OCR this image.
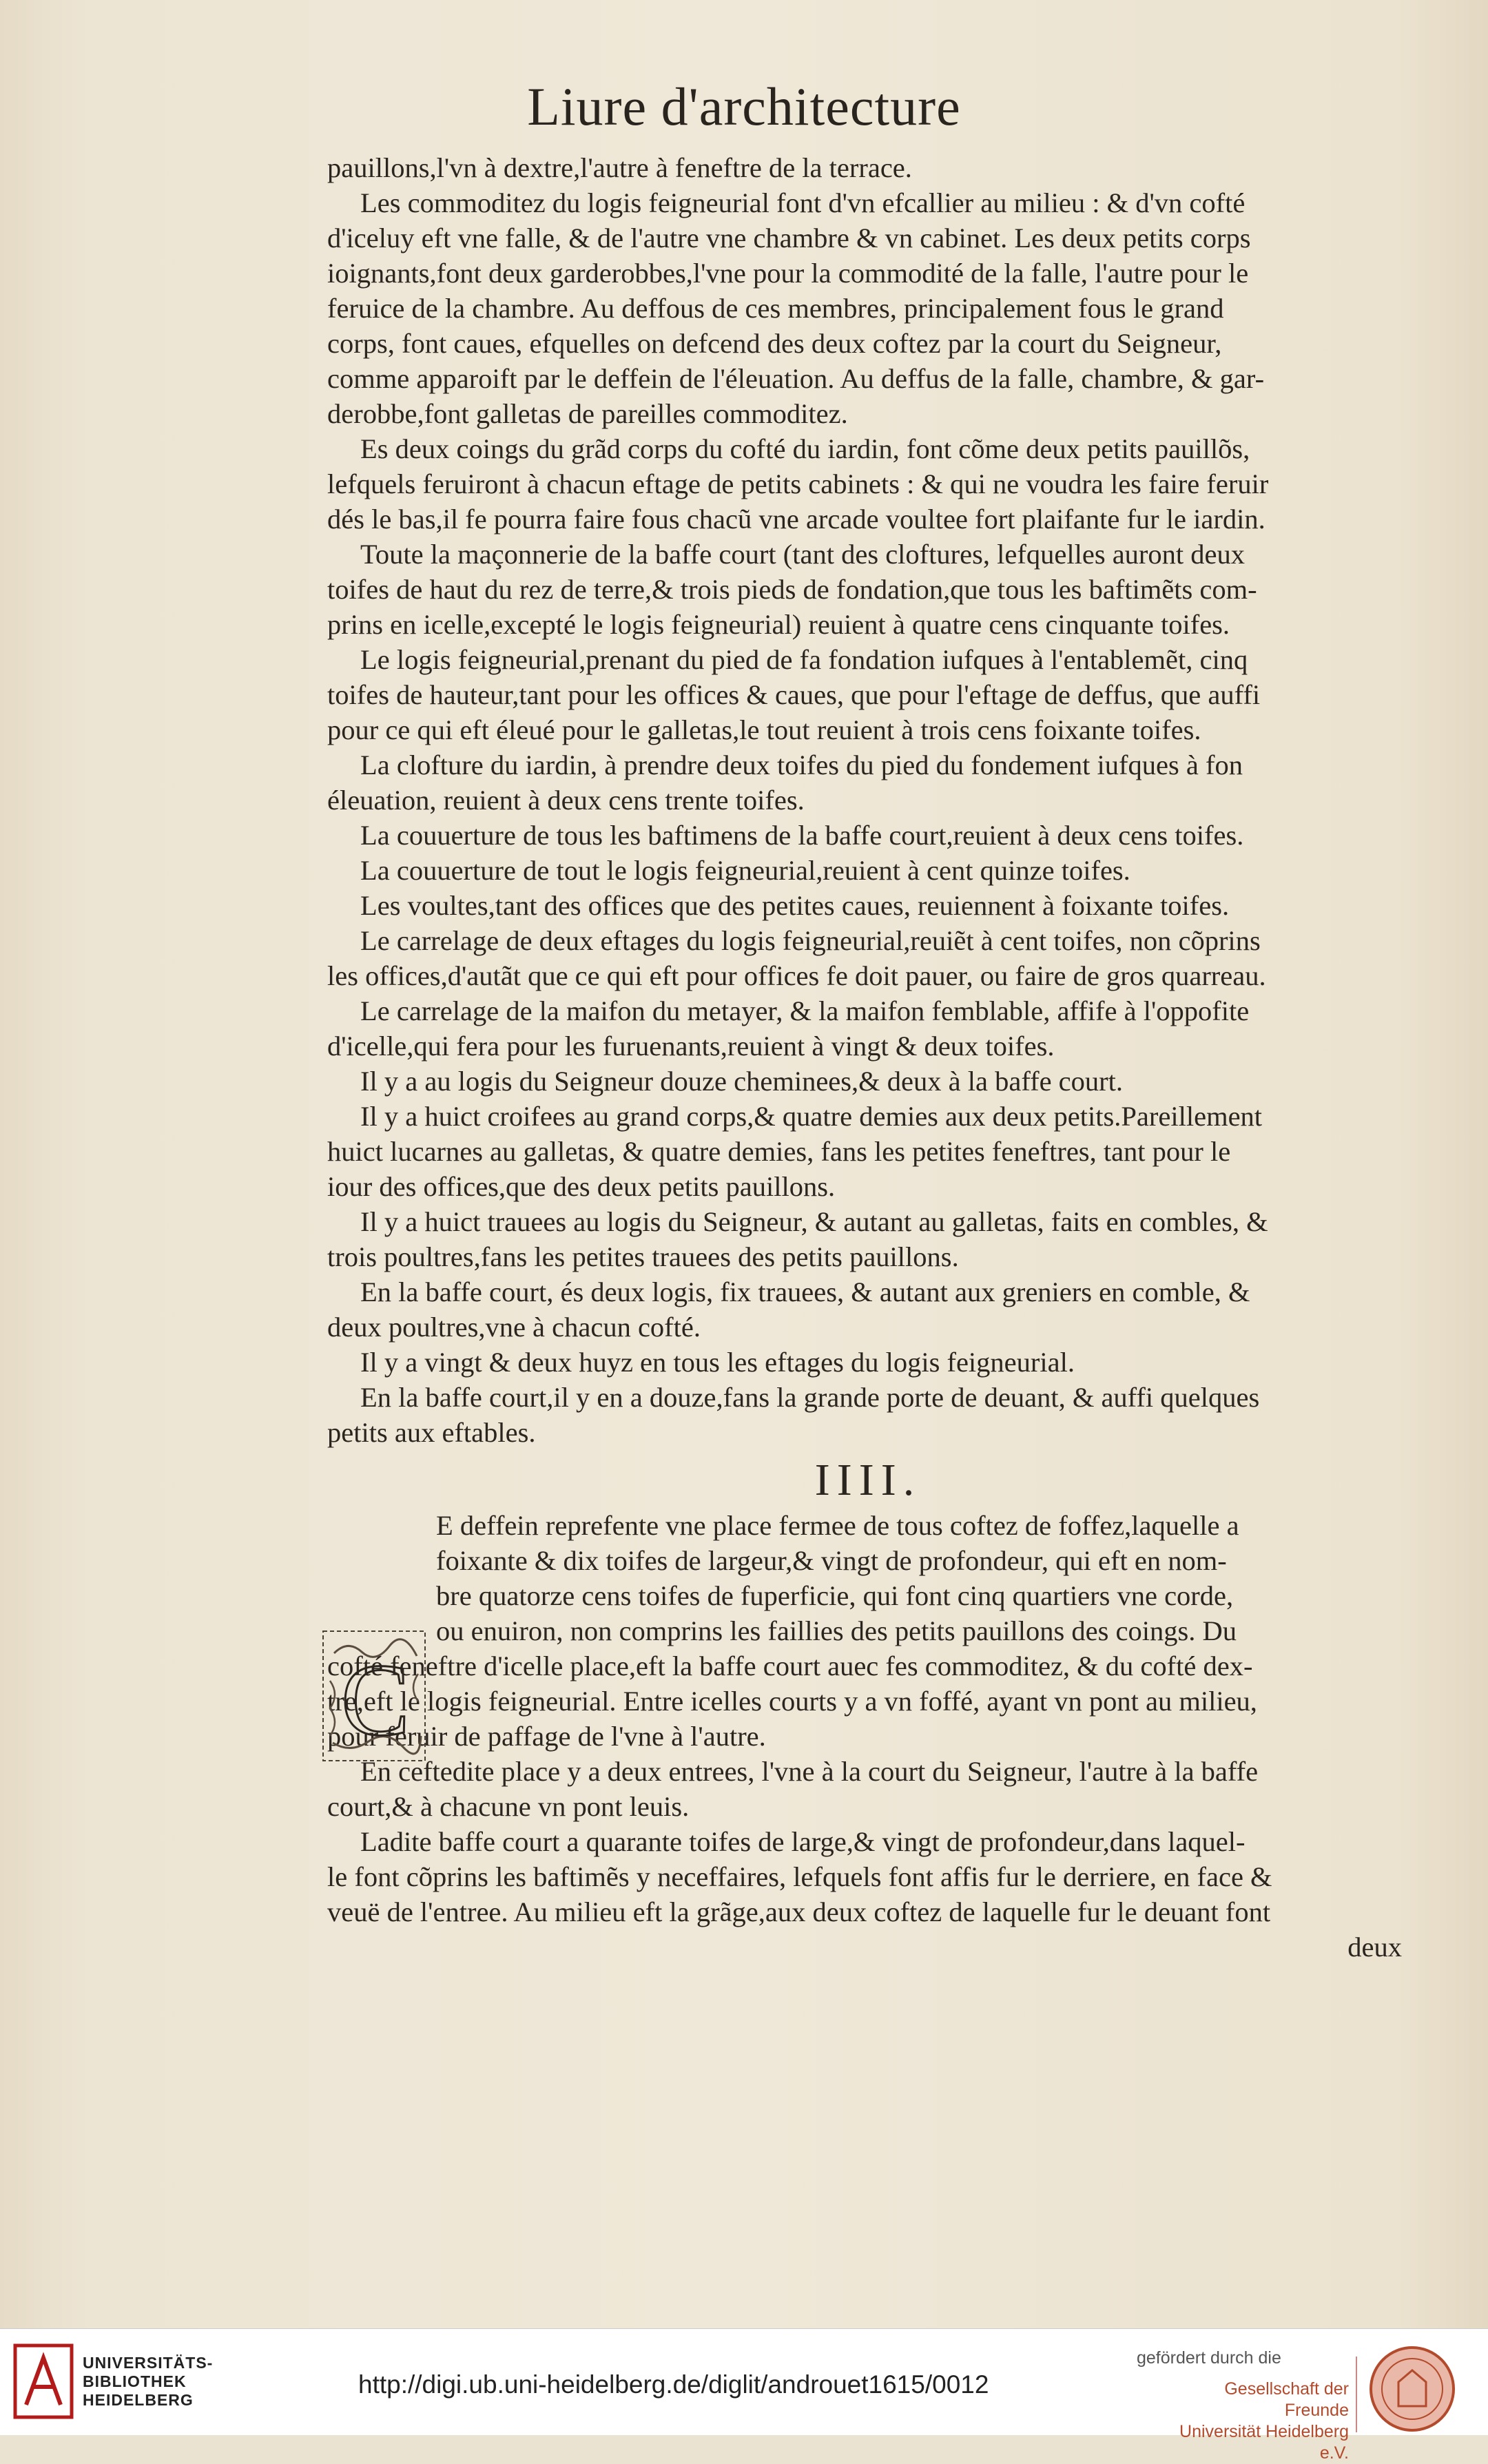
Liure d'architecture
pauillons,l'vn à dextre,l'autre à feneftre de la terrace.
Les commoditez du logis feigneurial font d'vn efcallier au milieu : & d'vn cofté
d'iceluy eft vne falle, & de l'autre vne chambre & vn cabinet. Les deux petits corps
ioignants,font deux garderobbes,l'vne pour la commodité de la falle, l'autre pour le
feruice de la chambre. Au deffous de ces membres, principalement fous le grand
corps, font caues, efquelles on defcend des deux coftez par la court du Seigneur,
comme apparoift par le deffein de l'éleuation. Au deffus de la falle, chambre, & gar-
derobbe,font galletas de pareilles commoditez.
Es deux coings du grãd corps du cofté du iardin, font cõme deux petits pauillõs,
lefquels feruiront à chacun eftage de petits cabinets : & qui ne voudra les faire feruir
dés le bas,il fe pourra faire fous chacũ vne arcade voultee fort plaifante fur le iardin.
Toute la maçonnerie de la baffe court (tant des cloftures, lefquelles auront deux
toifes de haut du rez de terre,& trois pieds de fondation,que tous les baftimẽts com-
prins en icelle,excepté le logis feigneurial) reuient à quatre cens cinquante toifes.
Le logis feigneurial,prenant du pied de fa fondation iufques à l'entablemẽt, cinq
toifes de hauteur,tant pour les offices & caues, que pour l'eftage de deffus, que auffi
pour ce qui eft éleué pour le galletas,le tout reuient à trois cens foixante toifes.
La clofture du iardin, à prendre deux toifes du pied du fondement iufques à fon
éleuation, reuient à deux cens trente toifes.
La couuerture de tous les baftimens de la baffe court,reuient à deux cens toifes.
La couuerture de tout le logis feigneurial,reuient à cent quinze toifes.
Les voultes,tant des offices que des petites caues, reuiennent à foixante toifes.
Le carrelage de deux eftages du logis feigneurial,reuiẽt à cent toifes, non cõprins
les offices,d'autãt que ce qui eft pour offices fe doit pauer, ou faire de gros quarreau.
Le carrelage de la maifon du metayer, & la maifon femblable, affife à l'oppofite
d'icelle,qui fera pour les furuenants,reuient à vingt & deux toifes.
Il y a au logis du Seigneur douze cheminees,& deux à la baffe court.
Il y a huict croifees au grand corps,& quatre demies aux deux petits.Pareillement
huict lucarnes au galletas, & quatre demies, fans les petites feneftres, tant pour le
iour des offices,que des deux petits pauillons.
Il y a huict trauees au logis du Seigneur, & autant au galletas, faits en combles, &
trois poultres,fans les petites trauees des petits pauillons.
En la baffe court, és deux logis, fix trauees, & autant aux greniers en comble, &
deux poultres,vne à chacun cofté.
Il y a vingt & deux huyz en tous les eftages du logis feigneurial.
En la baffe court,il y en a douze,fans la grande porte de deuant, & auffi quelques
petits aux eftables.
IIII.
E deffein reprefente vne place fermee de tous coftez de foffez,laquelle a
foixante & dix toifes de largeur,& vingt de profondeur, qui eft en nom-
bre quatorze cens toifes de fuperficie, qui font cinq quartiers vne corde,
ou enuiron, non comprins les faillies des petits pauillons des coings. Du
cofté feneftre d'icelle place,eft la baffe court auec fes commoditez, & du cofté dex-
tre,eft le logis feigneurial. Entre icelles courts y a vn foffé, ayant vn pont au milieu,
pour feruir de paffage de l'vne à l'autre.
En ceftedite place y a deux entrees, l'vne à la court du Seigneur, l'autre à la baffe
court,& à chacune vn pont leuis.
Ladite baffe court a quarante toifes de large,& vingt de profondeur,dans laquel-
le font cõprins les baftimẽs y neceffaires, lefquels font affis fur le derriere, en face &
veuë de l'entree. Au milieu eft la grãge,aux deux coftez de laquelle fur le deuant font
deux
C
UNIVERSITÄTS-
BIBLIOTHEK
HEIDELBERG
http://digi.ub.uni-heidelberg.de/diglit/androuet1615/0012
gefördert durch die
Gesellschaft der Freunde
Universität Heidelberg e.V.
